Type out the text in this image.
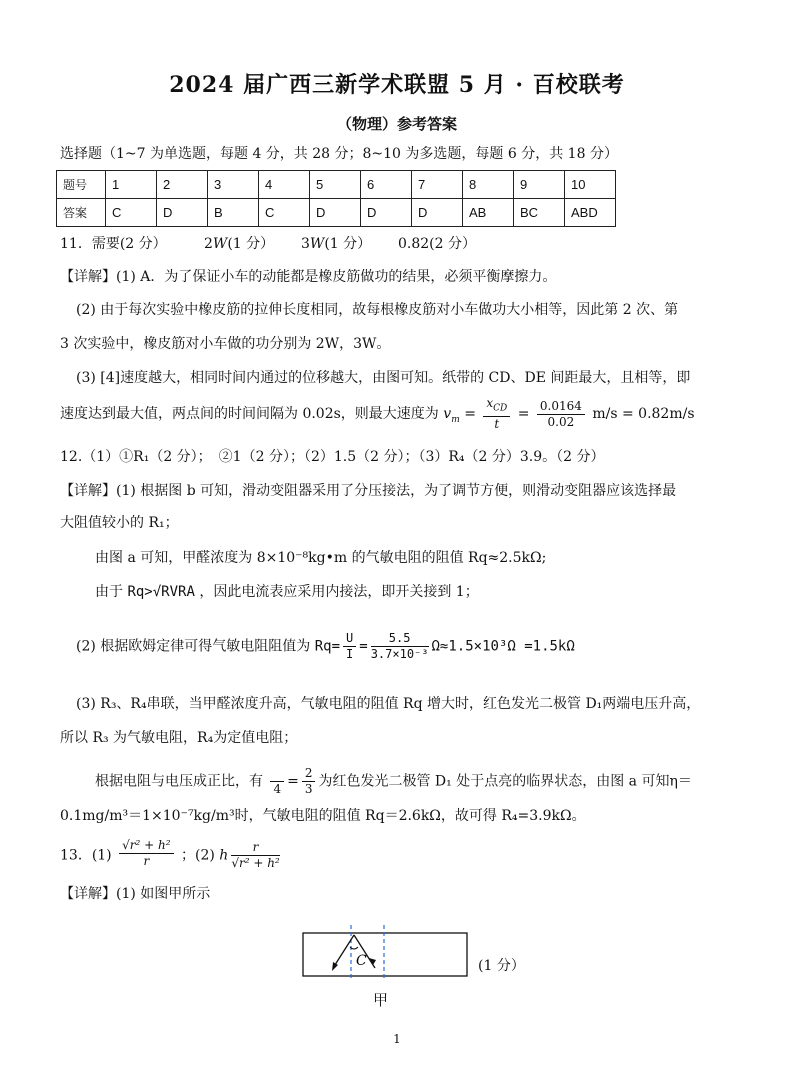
2024 届广西三新学术联盟 5 月 · 百校联考
（物理）参考答案
选择题（1~7 为单选题，每题 4 分，共 28 分；8~10 为多选题，每题 6 分，共 18 分）
题号	1	2	3	4	5	6	7	8	9	10
答案	C	D	B	C	D	D	D	AB	BC	ABD
11．需要(2 分）	2W(1 分） 3W(1 分） 0.82(2 分）
【详解】(1) A．为了保证小车的动能都是橡皮筋做功的结果，必须平衡摩擦力。
(2) 由于每次实验中橡皮筋的拉伸长度相同，故每根橡皮筋对小车做功大小相等，因此第 2 次、第
3 次实验中，橡皮筋对小车做的功分别为 2W，3W。
(3) [4]速度越大，相同时间内通过的位移越大，由图可知。纸带的 CD、DE 间距最大，且相等，即
速度达到最大值，两点间的时间间隔为 0.02s，则最大速度为 $v_m = \frac{x_{CD}}{t} = \frac{0.0164}{0.02} m/s = 0.82m/s$
12.（1）①R₁（2 分）；　②1（2 分）；（2）1.5（2 分）；（3）R₄（2 分）3.9。（2 分）
【详解】(1) 根据图 b 可知，滑动变阻器采用了分压接法，为了调节方便，则滑动变阻器应该选择最
大阻值较小的 R₁；
由图 a 可知，甲醛浓度为 8×10⁻⁸kg•m 的气敏电阻的阻值 Rq≈2.5kΩ;
由于 Rq>√RVRA ，因此电流表应采用内接法，即开关接到 1；
(2) 根据欧姆定律可得气敏电阻阻值为 $Rq= \frac{U}{I} = \frac{5.5}{\text{3.7×10⁻³}} \Omega\approx 1.5\times 10^3\Omega =1.5k\Omega$
(3) R₃、R₄串联，当甲醛浓度升高，气敏电阻的阻值 Rq 增大时，红色发光二极管 D₁两端电压升高，
所以 R₃ 为气敏电阻，R₄为定值电阻；
根据电阻与电压成正比，有
$4 = \frac{2}{3}$ 为红色发光二极管 D₁ 处于点亮的临界状态，由图 a 可知η＝
0.1mg/m³＝1×10⁻⁷kg/m³时，气敏电阻的阻值 Rq＝2.6kΩ，故可得 R₄=3.9kΩ。
13．$(1) \frac{\text{√r² + h²}}{r}$ ；(2) h $\frac{r}{\text{√r² + h²}}$
【详解】(1) 如图甲所示
C	(1 分）
甲
1
